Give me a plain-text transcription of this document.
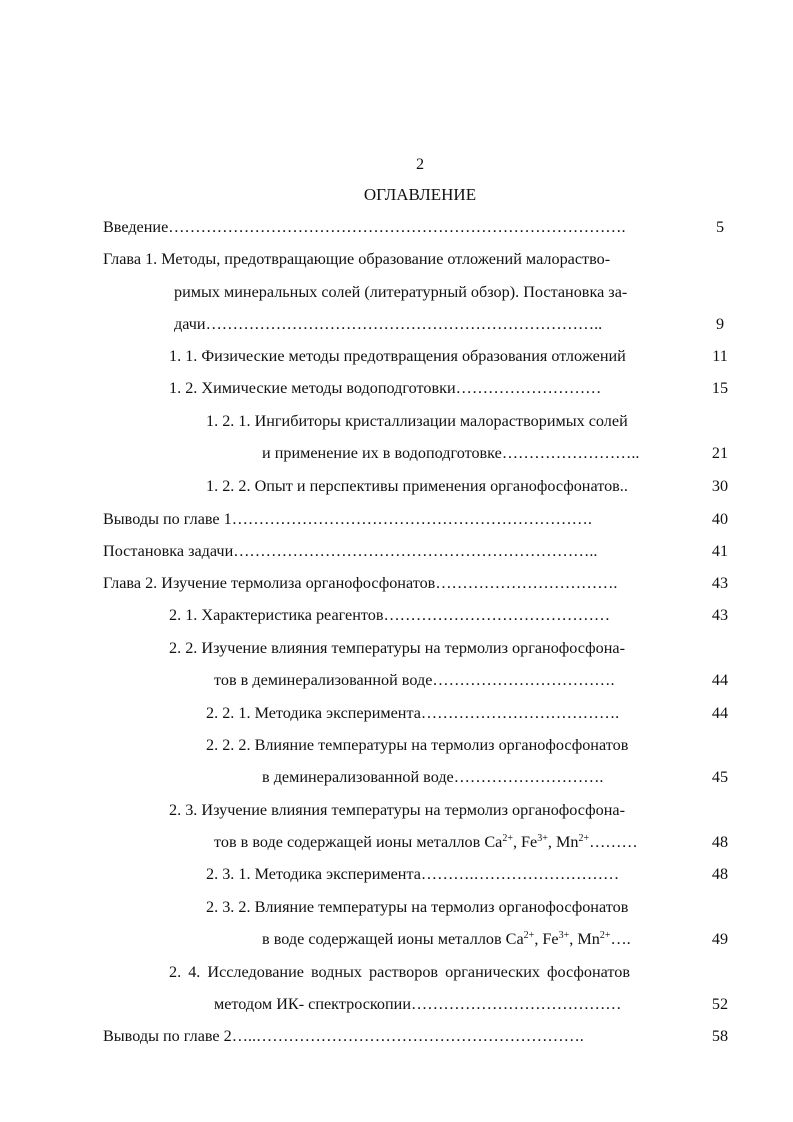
2
ОГЛАВЛЕНИЕ
Введение………………………………………………………………………….	5
Глава 1. Методы, предотвращающие образование отложений малораство-
римых минеральных солей (литературный обзор). Постановка за-
дачи………………………………………………………………..	9
1. 1. Физические методы предотвращения образования отложений	11
1. 2. Химические методы водоподготовки………………………	15
1. 2. 1. Ингибиторы кристаллизации малорастворимых солей
и применение их в водоподготовке……………………..	21
1. 2. 2. Опыт и перспективы применения органофосфонатов..	30
Выводы по главе 1………………………………………………………….	40
Постановка задачи…………………………………………………………..	41
Глава 2. Изучение термолиза органофосфонатов…………………………….	43
2. 1. Характеристика реагентов……………………………………	43
2. 2. Изучение влияния температуры на термолиз органофосфона-
тов в деминерализованной воде…………………………….	44
2. 2. 1. Методика эксперимента……………………………….	44
2. 2. 2. Влияние температуры на термолиз органофосфонатов
в деминерализованной воде……………………….	45
2. 3. Изучение влияния температуры на термолиз органофосфона-
тов в воде содержащей ионы металлов $Ca^{2+}$, $Fe^{3+}$, $Mn^{2+}\dots\dots\dots$	48
2. 3. 1. Методика эксперимента……….………………………	48
2. 3. 2. Влияние температуры на термолиз органофосфонатов
в воде содержащей ионы металлов $Ca^{2+}$, $Fe^{3+}$, $Mn^{2+}\dots$.	49
2. 4. Исследование водных растворов органических фосфонатов
методом ИК- спектроскопии…………………………………	52
Выводы по главе 2…..…………………………………………………….	58
